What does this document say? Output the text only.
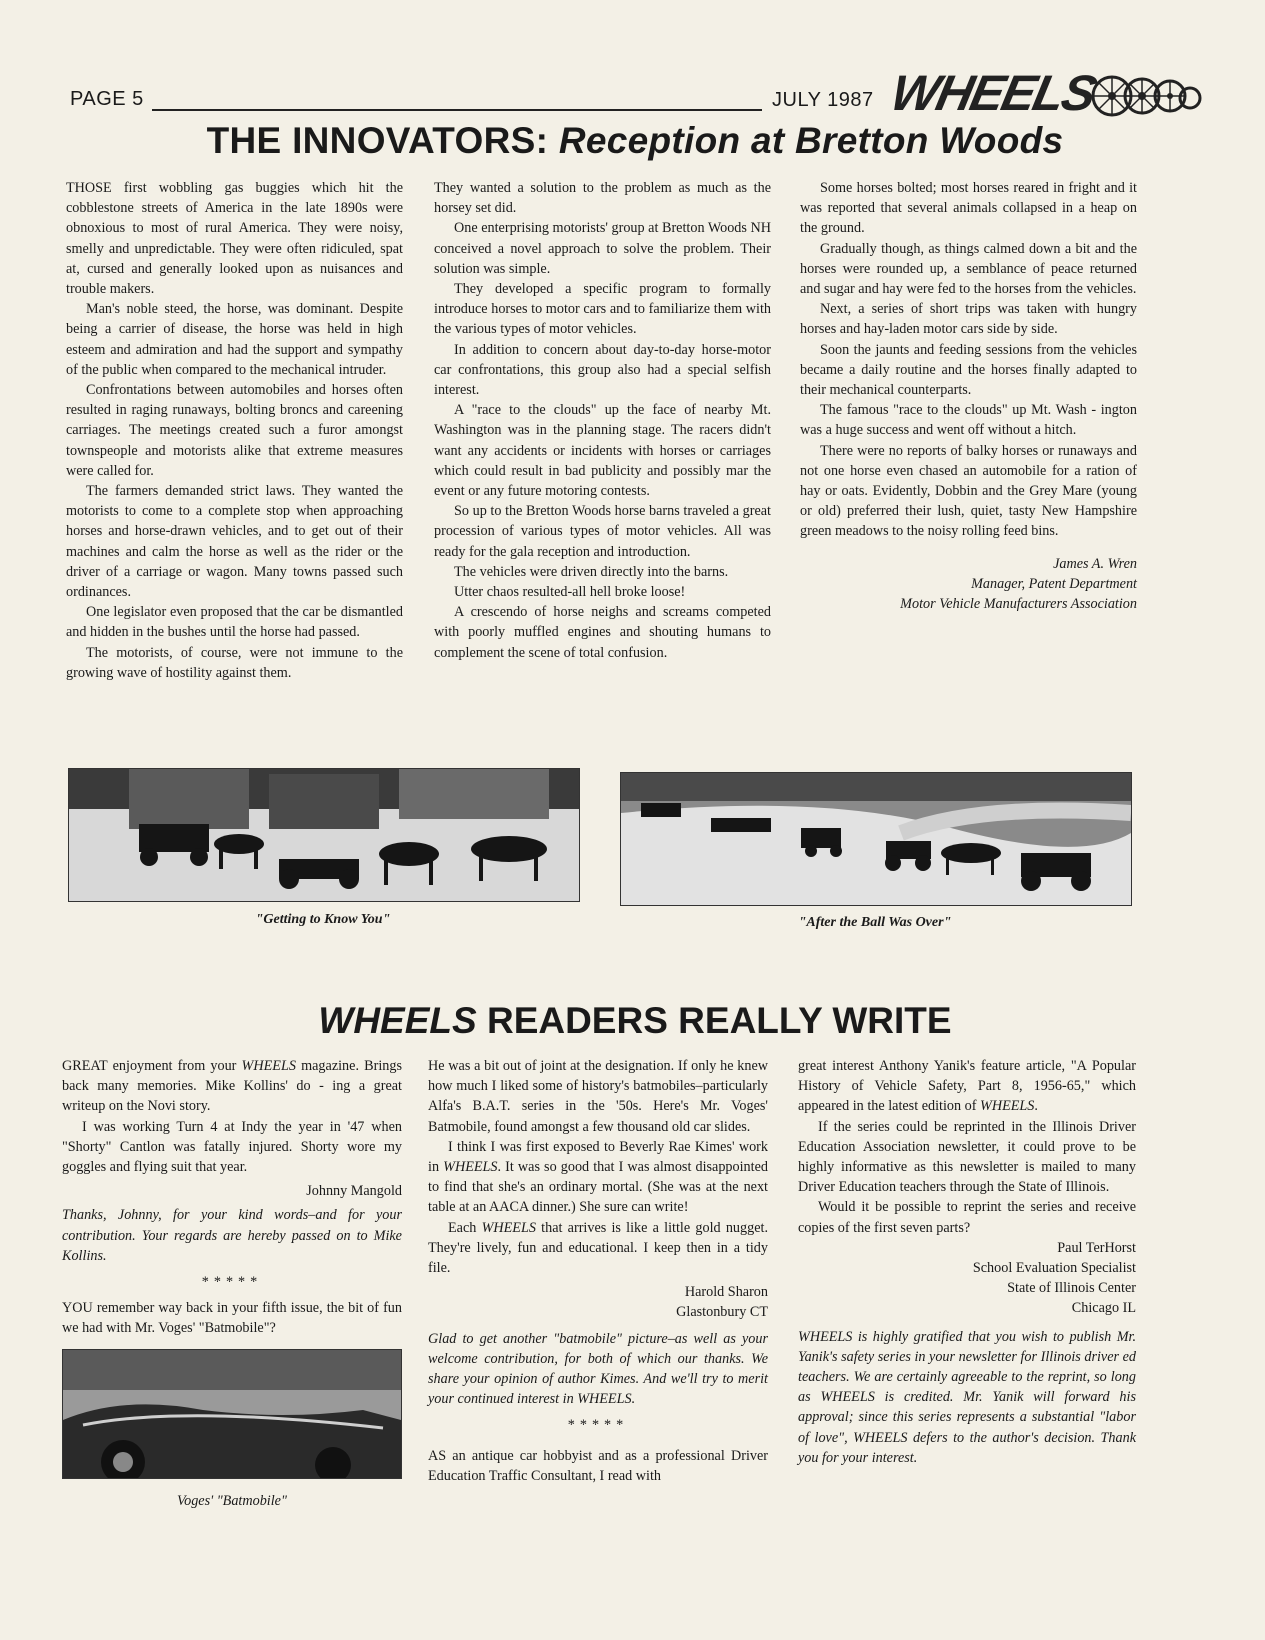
PAGE 5	JULY 1987 WHEELS
THE INNOVATORS: Reception at Bretton Woods

THOSE first wobbling gas buggies which hit the cobblestone streets of America in the late 1890s were obnoxious to most of rural America. They were noisy, smelly and unpredictable. They were often ridiculed, spat at, cursed and generally looked upon as nuisances and trouble makers.

Man's noble steed, the horse, was dominant. Despite being a carrier of disease, the horse was held in high esteem and admiration and had the support and sympathy of the public when compared to the mechanical intruder.

Confrontations between automobiles and horses often resulted in raging runaways, bolting broncs and careening carriages. The meetings created such a furor amongst townspeople and motorists alike that extreme measures were called for.

The farmers demanded strict laws. They wanted the motorists to come to a complete stop when approaching horses and horse-drawn vehicles, and to get out of their machines and calm the horse as well as the rider or the driver of a carriage or wagon. Many towns passed such ordinances.

One legislator even proposed that the car be dismantled and hidden in the bushes until the horse had passed.

The motorists, of course, were not immune to the growing wave of hostility against them.

They wanted a solution to the problem as much as the horsey set did.

One enterprising motorists' group at Bretton Woods NH conceived a novel approach to solve the problem. Their solution was simple.

They developed a specific program to formally introduce horses to motor cars and to familiarize them with the various types of motor vehicles.

In addition to concern about day-to-day horse-motor car confrontations, this group also had a special selfish interest.

A "race to the clouds" up the face of nearby Mt. Washington was in the planning stage. The racers didn't want any accidents or incidents with horses or carriages which could result in bad publicity and possibly mar the event or any future motoring contests.

So up to the Bretton Woods horse barns traveled a great procession of various types of motor vehicles. All was ready for the gala reception and introduction.

The vehicles were driven directly into the barns.

Utter chaos resulted-all hell broke loose!

A crescendo of horse neighs and screams competed with poorly muffled engines and shouting humans to complement the scene of total confusion.

Some horses bolted; most horses reared in fright and it was reported that several animals collapsed in a heap on the ground.

Gradually though, as things calmed down a bit and the horses were rounded up, a semblance of peace returned and sugar and hay were fed to the horses from the vehicles.

Next, a series of short trips was taken with hungry horses and hay-laden motor cars side by side.

Soon the jaunts and feeding sessions from the vehicles became a daily routine and the horses finally adapted to their mechanical counterparts.

The famous "race to the clouds" up Mt. Wash - ington was a huge success and went off without a hitch.

There were no reports of balky horses or runaways and not one horse even chased an automobile for a ration of hay or oats. Evidently, Dobbin and the Grey Mare (young or old) preferred their lush, quiet, tasty New Hampshire green meadows to the noisy rolling feed bins.

James A. Wren

Manager, Patent Department

Motor Vehicle Manufacturers Association

"Getting to Know You"	"After the Ball Was Over"
WHEELS READERS REALLY WRITE

GREAT enjoyment from your WHEELS magazine. Brings back many memories. Mike Kollins' do - ing a great writeup on the Novi story.

I was working Turn 4 at Indy the year in '47 when "Shorty" Cantlon was fatally injured. Shorty wore my goggles and flying suit that year.

Johnny Mangold

Thanks, Johnny, for your kind words–and for your contribution. Your regards are hereby passed on to Mike Kollins.

*****

YOU remember way back in your fifth issue, the bit of fun we had with Mr. Voges' "Batmobile"?

Voges' "Batmobile"

He was a bit out of joint at the designation. If only he knew how much I liked some of history's batmobiles–particularly Alfa's B.A.T. series in the '50s. Here's Mr. Voges' Batmobile, found amongst a few thousand old car slides.

I think I was first exposed to Beverly Rae Kimes' work in WHEELS. It was so good that I was almost disappointed to find that she's an ordinary mortal. (She was at the next table at an AACA dinner.) She sure can write!

Each WHEELS that arrives is like a little gold nugget. They're lively, fun and educational. I keep then in a tidy file.

Harold Sharon

Glastonbury CT

Glad to get another "batmobile" picture–as well as your welcome contribution, for both of which our thanks. We share your opinion of author Kimes. And we'll try to merit your continued interest in WHEELS.

*****

AS an antique car hobbyist and as a professional Driver Education Traffic Consultant, I read with

great interest Anthony Yanik's feature article, "A Popular History of Vehicle Safety, Part 8, 1956-65," which appeared in the latest edition of WHEELS.

If the series could be reprinted in the Illinois Driver Education Association newsletter, it could prove to be highly informative as this newsletter is mailed to many Driver Education teachers through the State of Illinois.

Would it be possible to reprint the series and receive copies of the first seven parts?

Paul TerHorst

School Evaluation Specialist

State of Illinois Center

Chicago IL

WHEELS is highly gratified that you wish to publish Mr. Yanik's safety series in your newsletter for Illinois driver ed teachers. We are certainly agreeable to the reprint, so long as WHEELS is credited. Mr. Yanik will forward his approval; since this series represents a substantial "labor of love", WHEELS defers to the author's decision. Thank you for your interest.
